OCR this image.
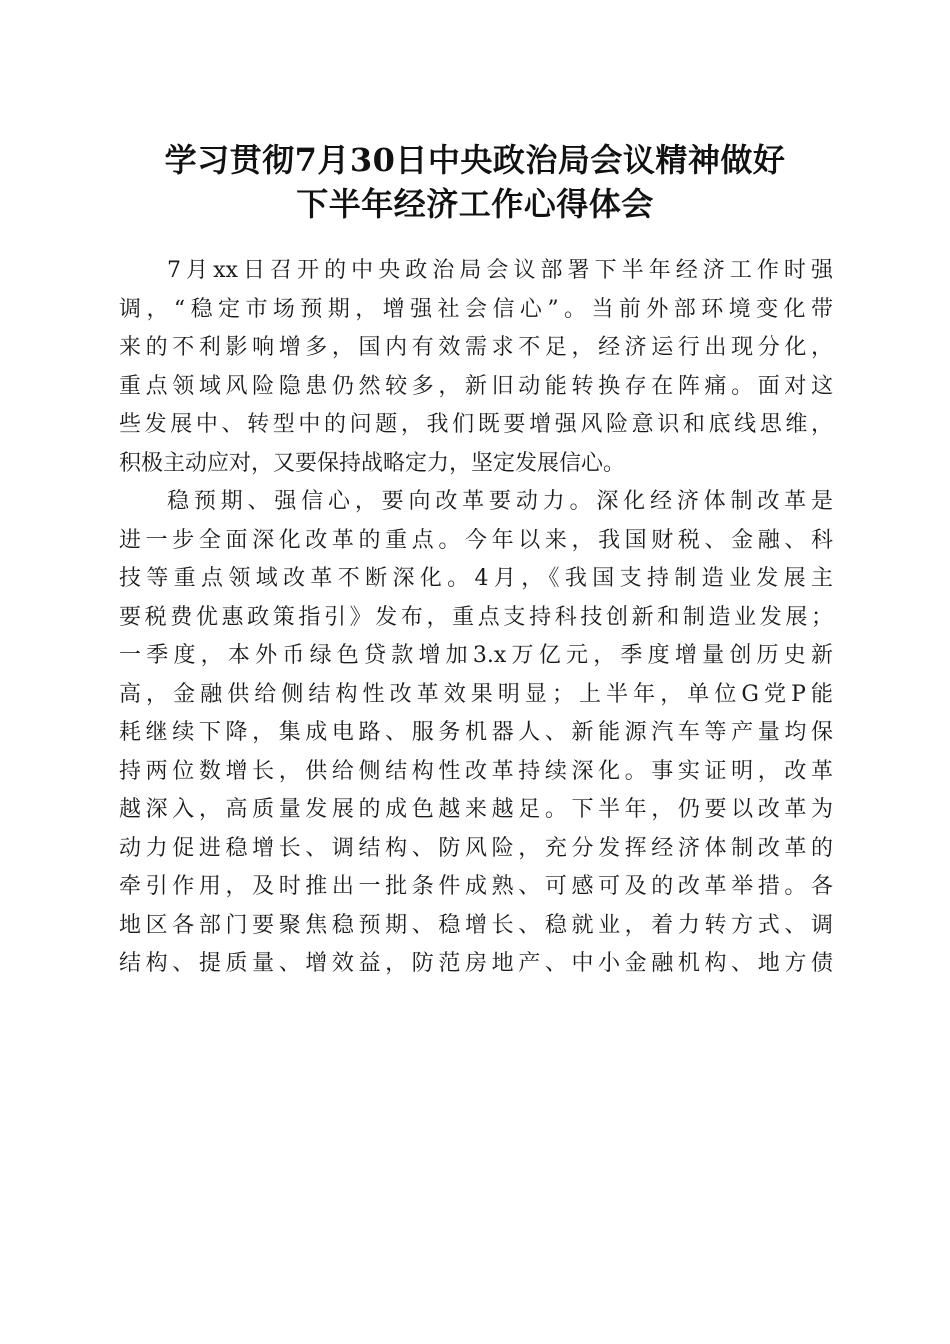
学习贯彻7月30日中央政治局会议精神做好
下半年经济工作心得体会
7月xx日召开的中央政治局会议部署下半年经济工作时强
调，“稳定市场预期，增强社会信心”。当前外部环境变化带
来的不利影响增多，国内有效需求不足，经济运行出现分化，
重点领域风险隐患仍然较多，新旧动能转换存在阵痛。面对这
些发展中、转型中的问题，我们既要增强风险意识和底线思维，
积极主动应对，又要保持战略定力，坚定发展信心。
稳预期、强信心，要向改革要动力。深化经济体制改革是
进一步全面深化改革的重点。今年以来，我国财税、金融、科
技等重点领域改革不断深化。4月，《我国支持制造业发展主
要税费优惠政策指引》发布，重点支持科技创新和制造业发展；
一季度，本外币绿色贷款增加3.x万亿元，季度增量创历史新
高，金融供给侧结构性改革效果明显；上半年，单位G党P能
耗继续下降，集成电路、服务机器人、新能源汽车等产量均保
持两位数增长，供给侧结构性改革持续深化。事实证明，改革
越深入，高质量发展的成色越来越足。下半年，仍要以改革为
动力促进稳增长、调结构、防风险，充分发挥经济体制改革的
牵引作用，及时推出一批条件成熟、可感可及的改革举措。各
地区各部门要聚焦稳预期、稳增长、稳就业，着力转方式、调
结构、提质量、增效益，防范房地产、中小金融机构、地方债
